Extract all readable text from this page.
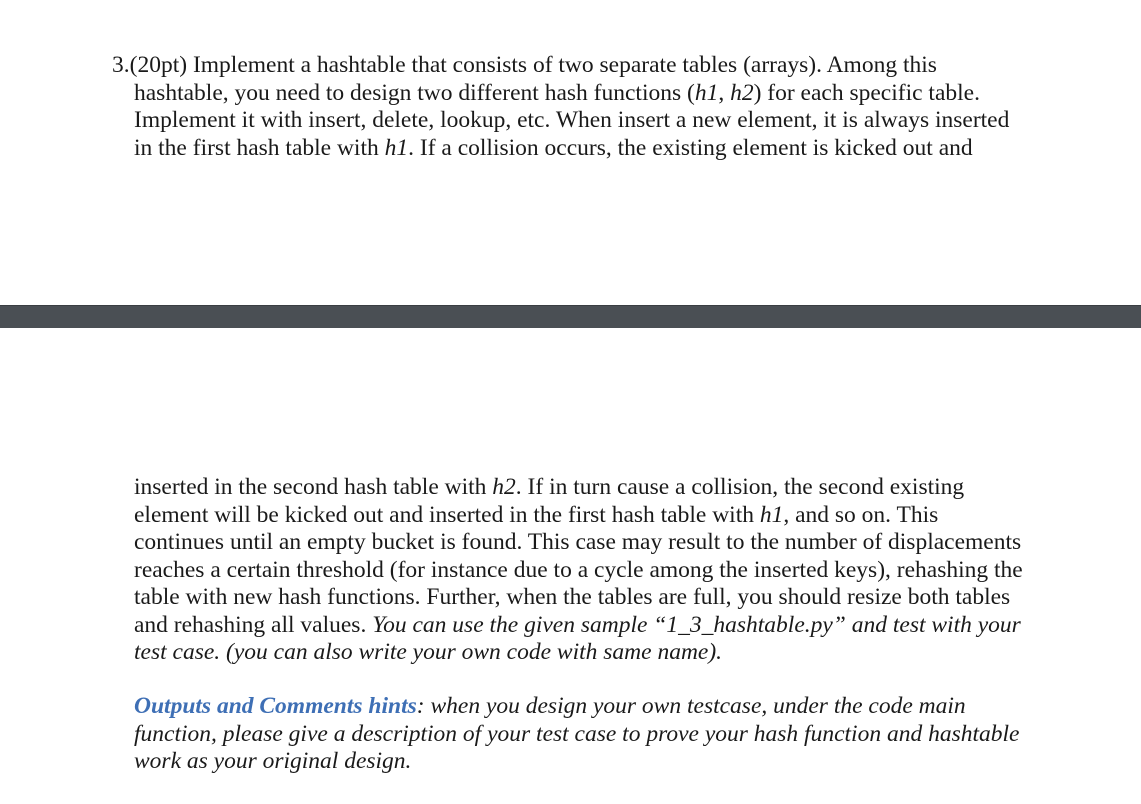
3.(20pt) Implement a hashtable that consists of two separate tables (arrays). Among this
hashtable, you need to design two different hash functions (h1, h2) for each specific table.
Implement it with insert, delete, lookup, etc. When insert a new element, it is always inserted
in the first hash table with h1. If a collision occurs, the existing element is kicked out and
inserted in the second hash table with h2. If in turn cause a collision, the second existing
element will be kicked out and inserted in the first hash table with h1, and so on. This
continues until an empty bucket is found. This case may result to the number of displacements
reaches a certain threshold (for instance due to a cycle among the inserted keys), rehashing the
table with new hash functions. Further, when the tables are full, you should resize both tables
and rehashing all values. You can use the given sample “1_3_hashtable.py” and test with your
test case. (you can also write your own code with same name).
Outputs and Comments hints: when you design your own testcase, under the code main
function, please give a description of your test case to prove your hash function and hashtable
work as your original design.
